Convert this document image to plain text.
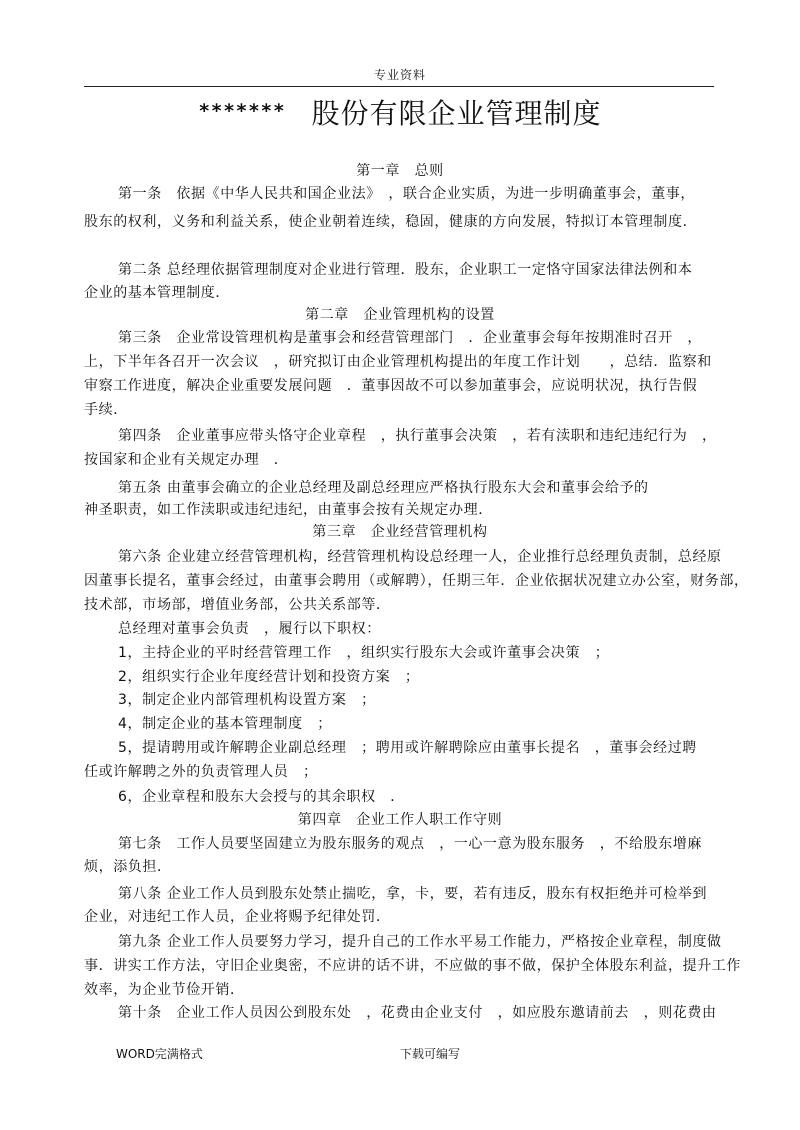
专业资料
******* 股份有限企业管理制度
第一章　总则
第一条　依据《中华人民共和国企业法》　，联合企业实质，为进一步明确董事会，董事，
股东的权利，义务和利益关系，使企业朝着连续，稳固，健康的方向发展，特拟订本管理制度．
第二条 总经理依据管理制度对企业进行管理．股东，企业职工一定恪守国家法律法例和本
企业的基本管理制度．
第二章　企业管理机构的设置
第三条　企业常设管理机构是董事会和经营管理部门　．企业董事会每年按期准时召开　，
上，下半年各召开一次会议　，研究拟订由企业管理机构提出的年度工作计划　　，总结．监察和
审察工作进度，解决企业重要发展问题　．董事因故不可以参加董事会，应说明状况，执行告假
手续．
第四条　企业董事应带头恪守企业章程　，执行董事会决策　，若有渎职和违纪违纪行为　，
按国家和企业有关规定办理　．
第五条 由董事会确立的企业总经理及副总经理应严格执行股东大会和董事会给予的
神圣职责，如工作渎职或违纪违纪，由董事会按有关规定办理．
第三章　企业经营管理机构
第六条 企业建立经营管理机构，经营管理机构设总经理一人，企业推行总经理负责制，总经原
因董事长提名，董事会经过，由董事会聘用（或解聘），任期三年．企业依据状况建立办公室，财务部，
技术部，市场部，增值业务部，公共关系部等．
总经理对董事会负责　，履行以下职权：
1，主持企业的平时经营管理工作　，组织实行股东大会或许董事会决策　；
2，组织实行企业年度经营计划和投资方案　；
3，制定企业内部管理机构设置方案　；
4，制定企业的基本管理制度　；
5，提请聘用或许解聘企业副总经理　；聘用或许解聘除应由董事长提名　，董事会经过聘
任或许解聘之外的负责管理人员　；
6，企业章程和股东大会授与的其余职权　．
第四章　企业工作人职工作守则
第七条　工作人员要坚固建立为股东服务的观点　，一心一意为股东服务　，不给股东增麻
烦，添负担．
第八条 企业工作人员到股东处禁止揣吃，拿，卡，要，若有违反，股东有权拒绝并可检举到
企业，对违纪工作人员，企业将赐予纪律处罚．
第九条 企业工作人员要努力学习，提升自己的工作水平易工作能力，严格按企业章程，制度做
事．讲实工作方法，守旧企业奥密，不应讲的话不讲，不应做的事不做，保护全体股东利益，提升工作
效率，为企业节俭开销．
第十条　企业工作人员因公到股东处　，花费由企业支付　，如应股东邀请前去　，则花费由
WORD完满格式	下载可编写
